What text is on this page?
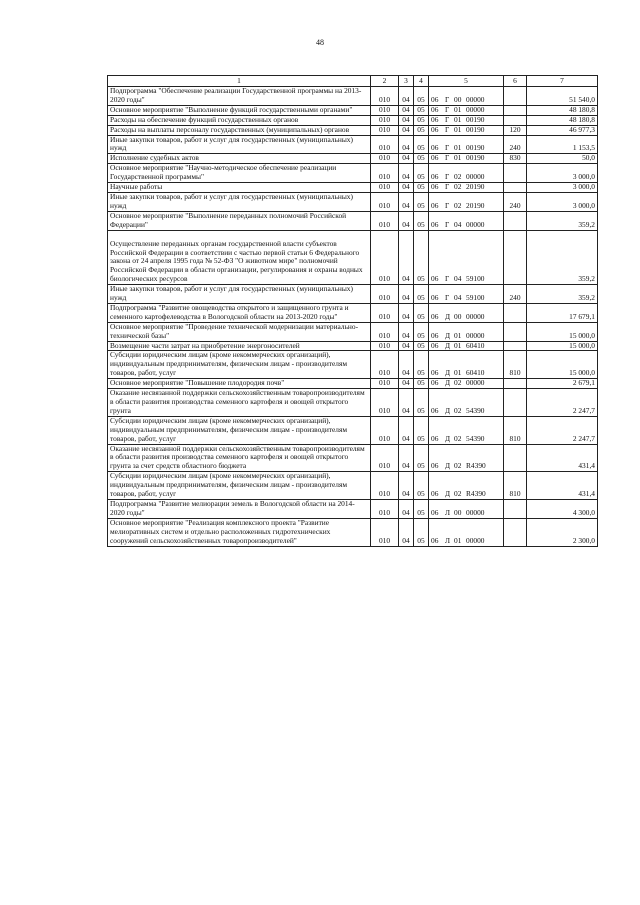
48
1	2	3	4	5	6	7
Подпрограмма "Обеспечение реализации Государственной программы на 2013-2020 годы"	010	04	05	06 Г 00 00000		51 540,0
Основное мероприятие "Выполнение функций государственными органами"	010	04	05	06 Г 01 00000		48 180,8
Расходы на обеспечение функций государственных органов	010	04	05	06 Г 01 00190		48 180,8
Расходы на выплаты персоналу государственных (муниципальных) органов	010	04	05	06 Г 01 00190	120	46 977,3
Иные закупки товаров, работ и услуг для государственных (муниципальных) нужд	010	04	05	06 Г 01 00190	240	1 153,5
Исполнение судебных актов	010	04	05	06 Г 01 00190	830	50,0
Основное мероприятие "Научно-методическое обеспечение реализации Государственной программы"	010	04	05	06 Г 02 00000		3 000,0
Научные работы	010	04	05	06 Г 02 20190		3 000,0
Иные закупки товаров, работ и услуг для государственных (муниципальных) нужд	010	04	05	06 Г 02 20190	240	3 000,0
Основное мероприятие "Выполнение переданных полномочий Российской Федерации"	010	04	05	06 Г 04 00000		359,2

Осуществление переданных органам государственной власти субъектов Российской Федерации в соответствии с частью первой статьи 6 Федерального закона от 24 апреля 1995 года № 52-ФЗ "О животном мире" полномочий Российской Федерации в области организации, регулирования и охраны водных биологических ресурсов	010	04	05	06 Г 04 59100		359,2
Иные закупки товаров, работ и услуг для государственных (муниципальных) нужд	010	04	05	06 Г 04 59100	240	359,2
Подпрограмма "Развитие овощеводства открытого и защищенного грунта и семенного картофелеводства в Вологодской области на 2013-2020 годы"	010	04	05	06 Д 00 00000		17 679,1
Основное мероприятие "Проведение технической модернизации материально-технической базы"	010	04	05	06 Д 01 00000		15 000,0
Возмещение части затрат на приобретение энергоносителей	010	04	05	06 Д 01 60410		15 000,0
Субсидии юридическим лицам (кроме некоммерческих организаций), индивидуальным предпринимателям, физическим лицам - производителям товаров, работ, услуг	010	04	05	06 Д 01 60410	810	15 000,0
Основное мероприятие "Повышение плодородия почв"	010	04	05	06 Д 02 00000		2 679,1
Оказание несвязанной поддержки сельскохозяйственным товаропроизводителям в области развития производства семенного картофеля и овощей открытого грунта	010	04	05	06 Д 02 54390		2 247,7
Субсидии юридическим лицам (кроме некоммерческих организаций), индивидуальным предпринимателям, физическим лицам - производителям товаров, работ, услуг	010	04	05	06 Д 02 54390	810	2 247,7
Оказание несвязанной поддержки сельскохозяйственным товаропроизводителям в области развития производства семенного картофеля и овощей открытого грунта за счет средств областного бюджета	010	04	05	06 Д 02 R4390		431,4
Субсидии юридическим лицам (кроме некоммерческих организаций), индивидуальным предпринимателям, физическим лицам - производителям товаров, работ, услуг	010	04	05	06 Д 02 R4390	810	431,4
Подпрограмма "Развитие мелиорации земель в Вологодской области на 2014-2020 годы"	010	04	05	06 Л 00 00000		4 300,0
Основное мероприятие "Реализация комплексного проекта "Развитие мелиоративных систем и отдельно расположенных гидротехнических сооружений сельскохозяйственных товаропроизводителей"	010	04	05	06 Л 01 00000		2 300,0
